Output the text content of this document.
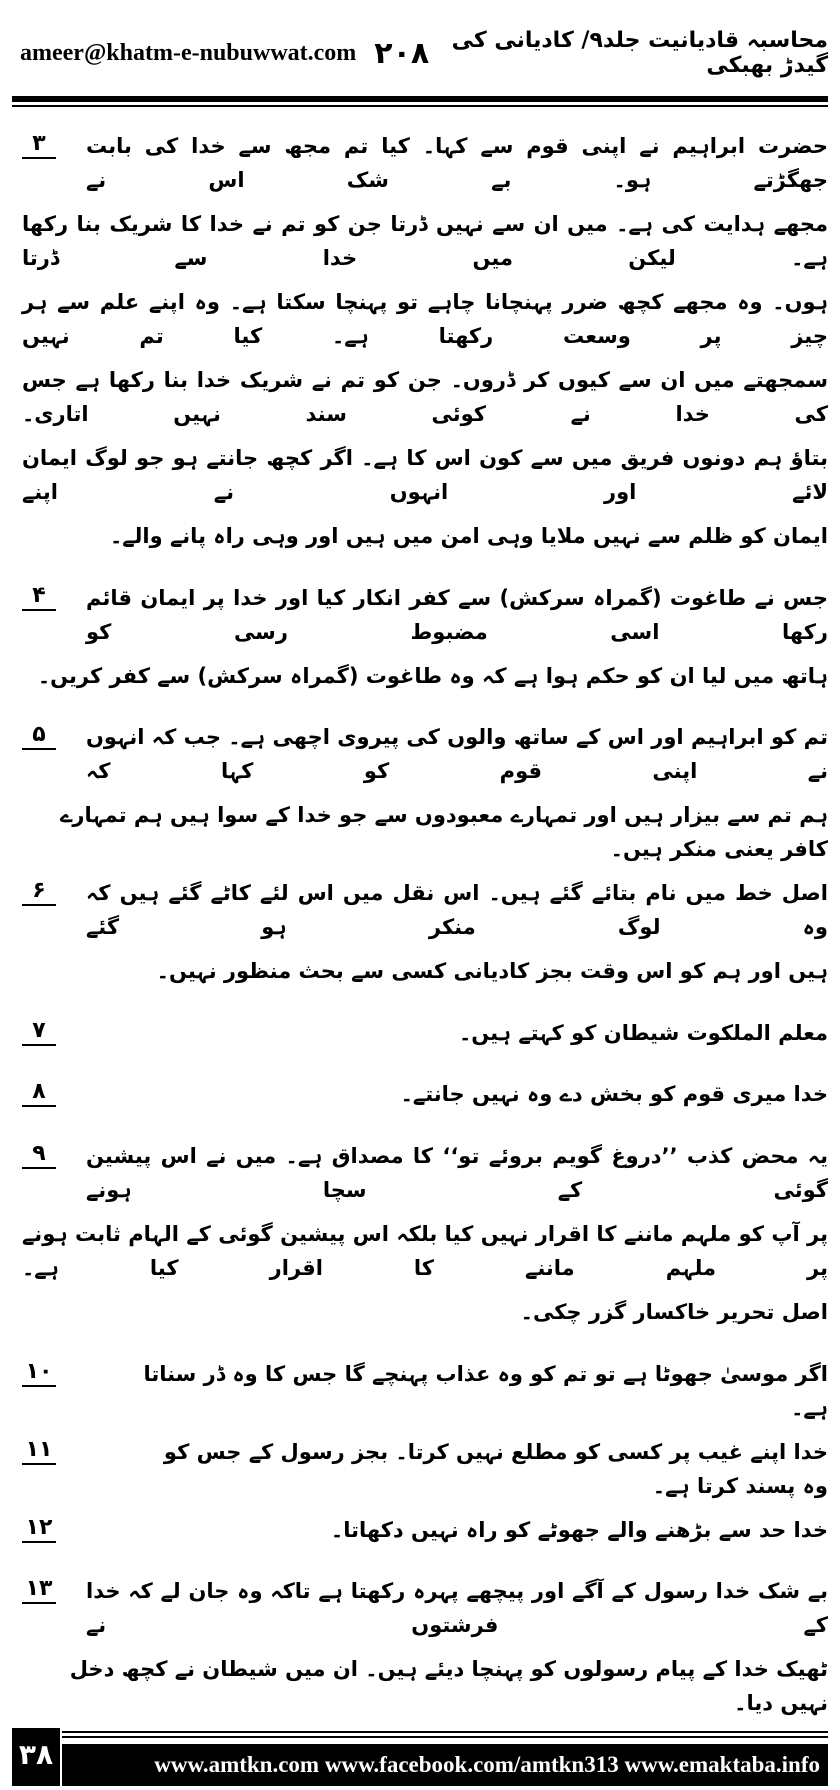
ameer@khatm-e-nubuwwat.com ۲۰۸ محاسبہ قادیانیت جلد۹/ کادیانی کی گیدڑ بھبکی
۳	حضرت ابراہیم نے اپنی قوم سے کہا۔ کیا تم مجھ سے خدا کی بابت جھگڑتے ہو۔ بے شک اس نے
مجھے ہدایت کی ہے۔ میں ان سے نہیں ڈرتا جن کو تم نے خدا کا شریک بنا رکھا ہے۔ لیکن میں خدا سے ڈرتا
ہوں۔ وہ مجھے کچھ ضرر پہنچانا چاہے تو پہنچا سکتا ہے۔ وہ اپنے علم سے ہر چیز پر وسعت رکھتا ہے۔ کیا تم نہیں
سمجھتے میں ان سے کیوں کر ڈروں۔ جن کو تم نے شریک خدا بنا رکھا ہے جس کی خدا نے کوئی سند نہیں اتاری۔
بتاؤ ہم دونوں فریق میں سے کون اس کا ہے۔ اگر کچھ جانتے ہو جو لوگ ایمان لائے اور انہوں نے اپنے
ایمان کو ظلم سے نہیں ملایا وہی امن میں ہیں اور وہی راہ پانے والے۔
۴	جس نے طاغوت (گمراہ سرکش) سے کفر انکار کیا اور خدا پر ایمان قائم رکھا اسی مضبوط رسی کو
ہاتھ میں لیا ان کو حکم ہوا ہے کہ وہ طاغوت (گمراہ سرکش) سے کفر کریں۔
۵	تم کو ابراہیم اور اس کے ساتھ والوں کی پیروی اچھی ہے۔ جب کہ انہوں نے اپنی قوم کو کہا کہ
ہم تم سے بیزار ہیں اور تمہارے معبودوں سے جو خدا کے سوا ہیں ہم تمہارے کافر یعنی منکر ہیں۔
۶	اصل خط میں نام بتائے گئے ہیں۔ اس نقل میں اس لئے کاٹے گئے ہیں کہ وہ لوگ منکر ہو گئے
ہیں اور ہم کو اس وقت بجز کادیانی کسی سے بحث منظور نہیں۔
۷	معلم الملکوت شیطان کو کہتے ہیں۔
۸	خدا میری قوم کو بخش دے وہ نہیں جانتے۔
۹	یہ محض کذب ’’دروغ گویم بروئے تو‘‘ کا مصداق ہے۔ میں نے اس پیشین گوئی کے سچا ہونے
پر آپ کو ملہم ماننے کا اقرار نہیں کیا بلکہ اس پیشین گوئی کے الہام ثابت ہونے پر ملہم ماننے کا اقرار کیا ہے۔
اصل تحریر خاکسار گزر چکی۔
۱۰	اگر موسیٰ جھوٹا ہے تو تم کو وہ عذاب پہنچے گا جس کا وہ ڈر سناتا ہے۔
۱۱	خدا اپنے غیب پر کسی کو مطلع نہیں کرتا۔ بجز رسول کے جس کو وہ پسند کرتا ہے۔
۱۲	خدا حد سے بڑھنے والے جھوٹے کو راہ نہیں دکھاتا۔
۱۳ بے شک خدا رسول کے آگے اور پیچھے پہرہ رکھتا ہے تاکہ وہ جان لے کہ خدا کے فرشتوں نے
ٹھیک خدا کے پیام رسولوں کو پہنچا دیئے ہیں۔ ان میں شیطان نے کچھ دخل نہیں دیا۔
۳۸	www.amtkn.com www.facebook.com/amtkn313 www.emaktaba.info
